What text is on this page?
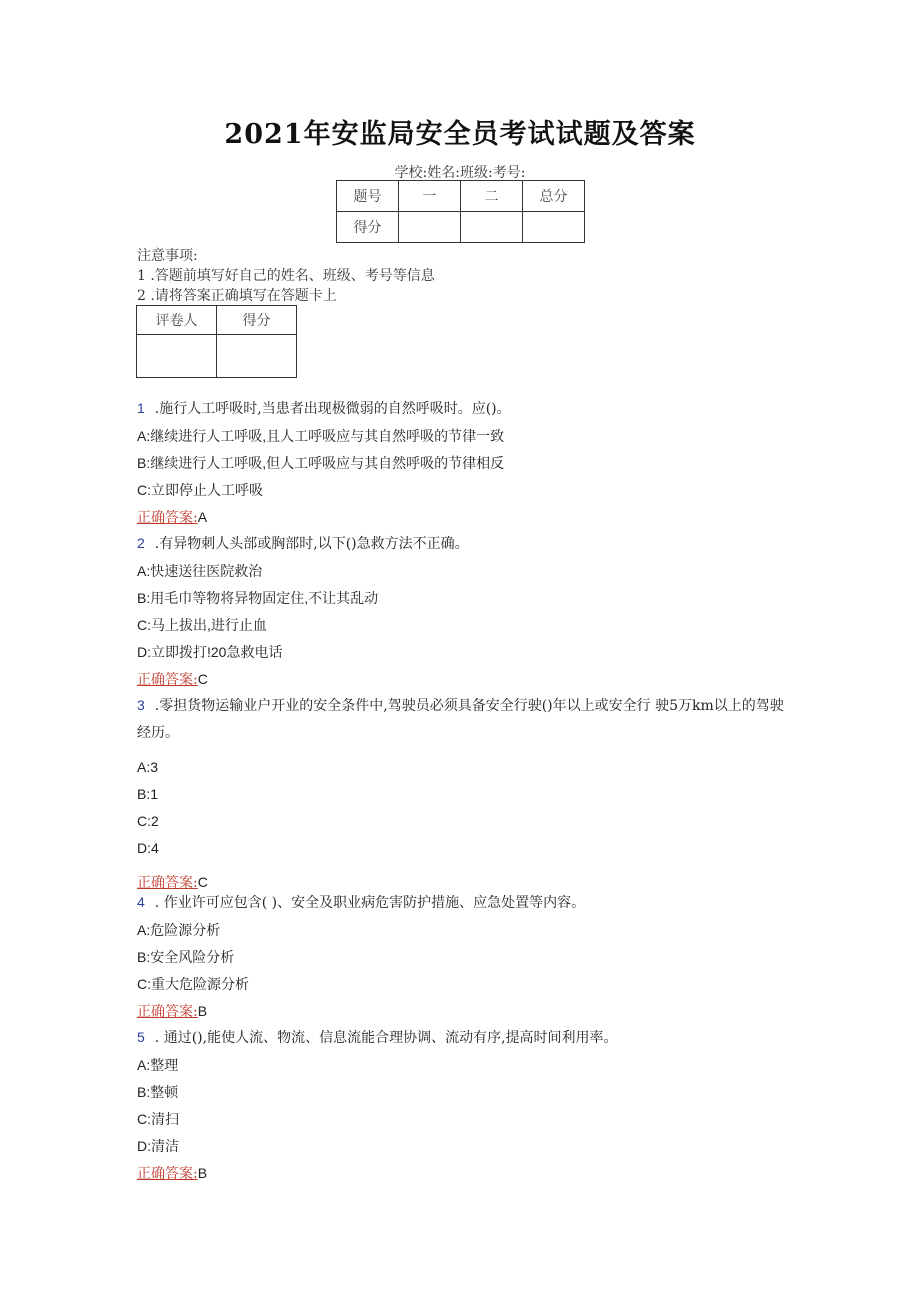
2021年安监局安全员考试试题及答案
学校:姓名:班级:考号:
题号	一	二	总分
得分			
注意事项:
1 .答题前填写好自己的姓名、班级、考号等信息
2 .请将答案正确填写在答题卡上
评卷人	得分

1 .施行人工呼吸时,当患者出现极微弱的自然呼吸时。应()。
A:继续进行人工呼吸,且人工呼吸应与其自然呼吸的节律一致
B:继续进行人工呼吸,但人工呼吸应与其自然呼吸的节律相反
C:立即停止人工呼吸
正确答案:A
2 .有异物刺人头部或胸部时,以下()急救方法不正确。
A:快速送往医院救治
B:用毛巾等物将异物固定住,不让其乱动
C:马上拔出,进行止血
D:立即拨打!20急救电话
正确答案:C
3 .零担货物运输业户开业的安全条件中,驾驶员必须具备安全行驶()年以上或安全行 驶5万km以上的驾驶经历。
A:3
B:1
C:2
D:4
正确答案:C
4 . 作业许可应包含( )、安全及职业病危害防护措施、应急处置等内容。
A:危险源分析
B:安全风险分析
C:重大危险源分析
正确答案:B
5 . 通过(),能使人流、物流、信息流能合理协调、流动有序,提高时间利用率。
A:整理
B:整顿
C:清扫
D:清洁
正确答案:B
